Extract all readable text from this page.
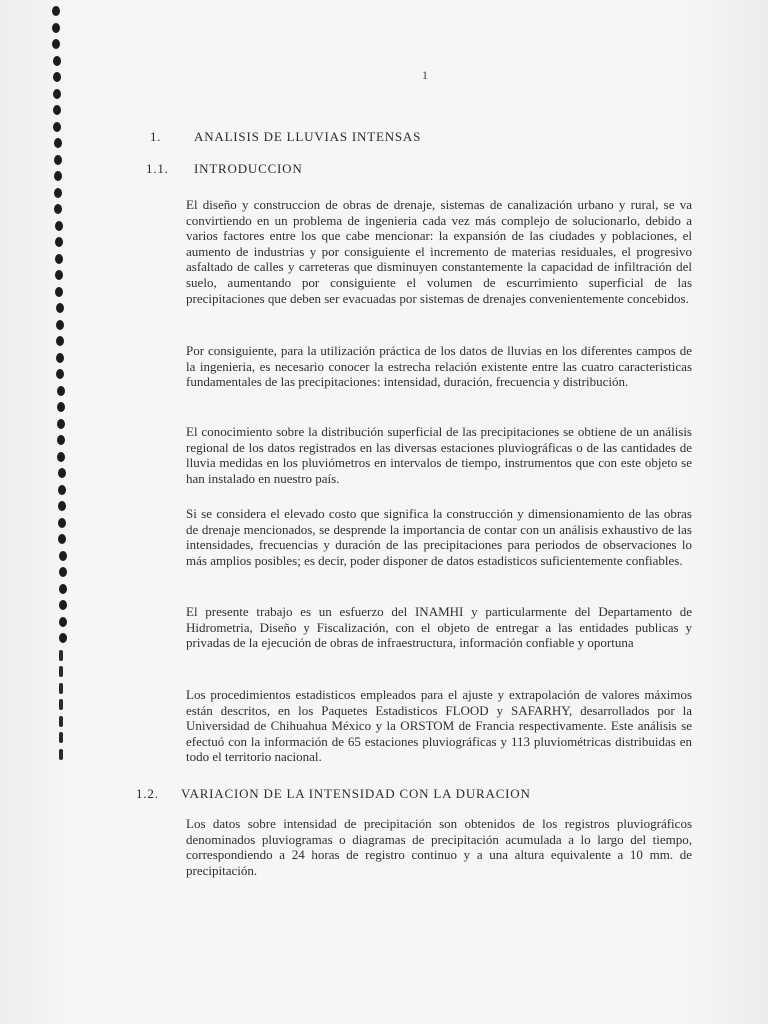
1
1.	ANALISIS DE LLUVIAS INTENSAS
1.1. INTRODUCCION

El diseño y construccion de obras de drenaje, sistemas de canalización urbano y rural, se va convirtiendo en un problema de ingenieria cada vez más complejo de solucionarlo, debido a varios factores entre los que cabe mencionar: la expansión de las ciudades y poblaciones, el aumento de industrias y por consiguiente el incremento de materias residuales, el progresivo asfaltado de calles y carreteras que disminuyen constantemente la capacidad de infiltración del suelo, aumentando por consiguiente el volumen de escurrimiento superficial de las precipitaciones que deben ser evacuadas por sistemas de drenajes convenientemente concebidos.

Por consiguiente, para la utilización práctica de los datos de lluvias en los diferentes campos de la ingenieria, es necesario conocer la estrecha relación existente entre las cuatro caracteristicas fundamentales de las precipitaciones: intensidad, duración, frecuencia y distribución.

El conocimiento sobre la distribución superficial de las precipitaciones se obtiene de un análisis regional de los datos registrados en las diversas estaciones pluviográficas o de las cantidades de lluvia medidas en los pluviómetros en intervalos de tiempo, instrumentos que con este objeto se han instalado en nuestro país.

Si se considera el elevado costo que significa la construcción y dimensionamiento de las obras de drenaje mencionados, se desprende la importancia de contar con un análisis exhaustivo de las intensidades, frecuencias y duración de las precipitaciones para periodos de observaciones lo más amplios posibles; es decir, poder disponer de datos estadisticos suficientemente confiables.

El presente trabajo es un esfuerzo del INAMHI y particularmente del Departamento de Hidrometria, Diseño y Fiscalización, con el objeto de entregar a las entidades publicas y privadas de la ejecución de obras de infraestructura, información confiable y oportuna

Los procedimientos estadisticos empleados para el ajuste y extrapolación de valores máximos están descritos, en los Paquetes Estadisticos FLOOD y SAFARHY, desarrollados por la Universidad de Chihuahua México y la ORSTOM de Francia respectivamente. Este análisis se efectuó con la información de 65 estaciones pluviográficas y 113 pluviométricas distribuidas en todo el territorio nacional.

1.2. VARIACION DE LA INTENSIDAD CON LA DURACION

Los datos sobre intensidad de precipitación son obtenidos de los registros pluviográficos denominados pluviogramas o diagramas de precipitación acumulada a lo largo del tiempo, correspondiendo a 24 horas de registro continuo y a una altura equivalente a 10 mm. de precipitación.
